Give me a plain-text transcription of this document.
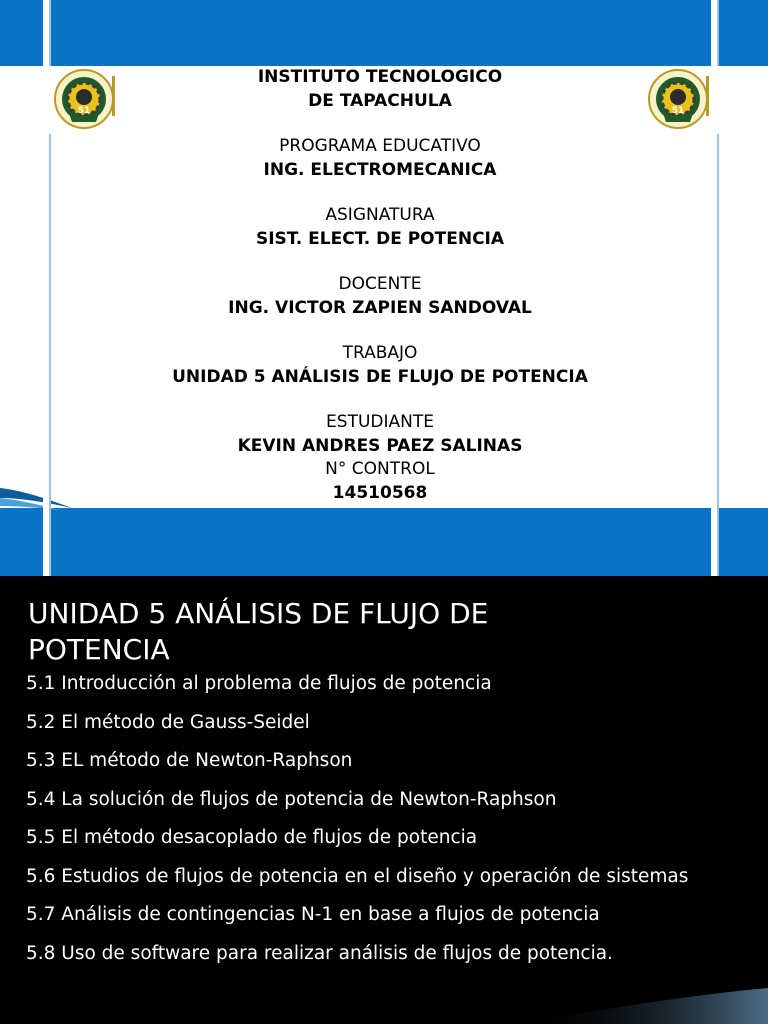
51	51
INSTITUTO TECNOLOGICO
DE TAPACHULA
PROGRAMA EDUCATIVO
ING. ELECTROMECANICA
ASIGNATURA
SIST. ELECT. DE POTENCIA
DOCENTE
ING. VICTOR ZAPIEN SANDOVAL
TRABAJO
UNIDAD 5 ANÁLISIS DE FLUJO DE POTENCIA
ESTUDIANTE
KEVIN ANDRES PAEZ SALINAS
N° CONTROL
14510568
UNIDAD 5 ANÁLISIS DE FLUJO DE
POTENCIA
5.1 Introducción al problema de flujos de potencia
5.2 El método de Gauss-Seidel
5.3 EL método de Newton-Raphson
5.4 La solución de flujos de potencia de Newton-Raphson
5.5 El método desacoplado de flujos de potencia
5.6 Estudios de flujos de potencia en el diseño y operación de sistemas
5.7 Análisis de contingencias N-1 en base a flujos de potencia
5.8 Uso de software para realizar análisis de flujos de potencia.
